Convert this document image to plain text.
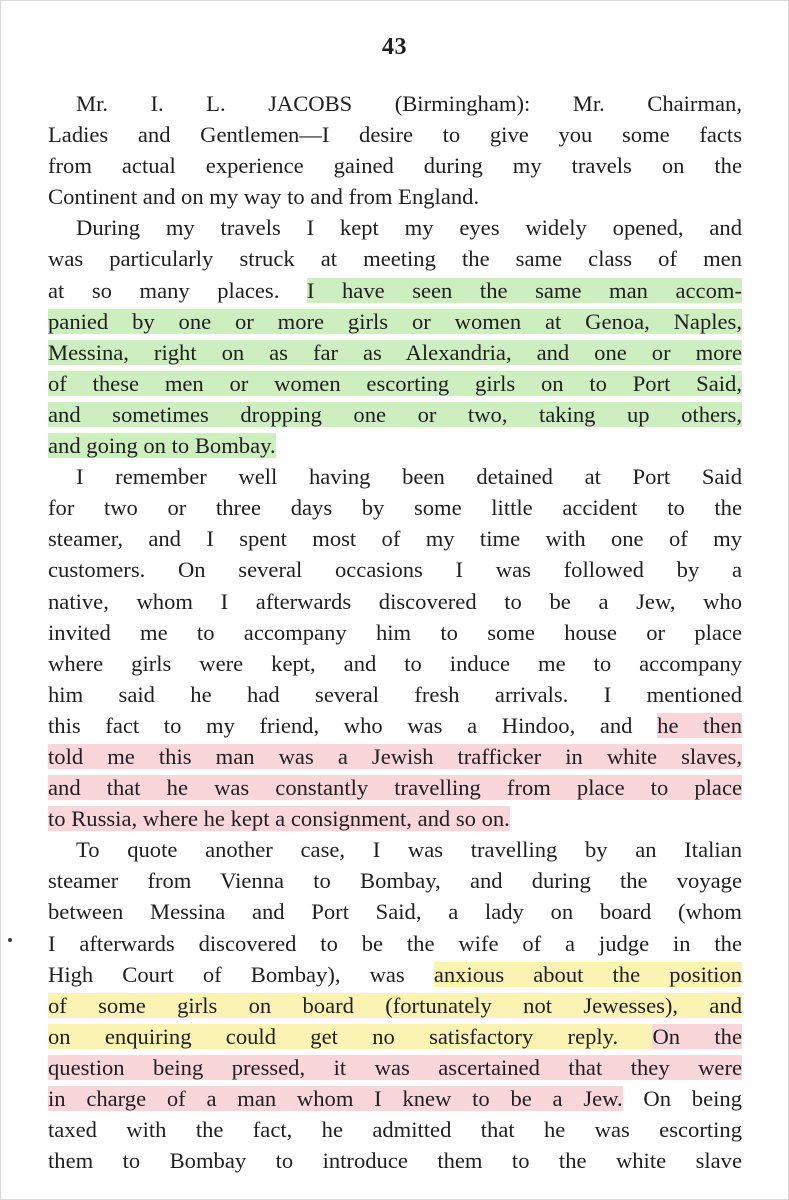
43
Mr. I. L. JACOBS (Birmingham): Mr. Chairman,
Ladies and Gentlemen—I desire to give you some facts
from actual experience gained during my travels on the
Continent and on my way to and from England.
During my travels I kept my eyes widely opened, and
was particularly struck at meeting the same class of men
at so many places. I have seen the same man accom-
panied by one or more girls or women at Genoa, Naples,
Messina, right on as far as Alexandria, and one or more
of these men or women escorting girls on to Port Said,
and sometimes dropping one or two, taking up others,
and going on to Bombay.
I remember well having been detained at Port Said
for two or three days by some little accident to the
steamer, and I spent most of my time with one of my
customers. On several occasions I was followed by a
native, whom I afterwards discovered to be a Jew, who
invited me to accompany him to some house or place
where girls were kept, and to induce me to accompany
him said he had several fresh arrivals. I mentioned
this fact to my friend, who was a Hindoo, and he then
told me this man was a Jewish trafficker in white slaves,
and that he was constantly travelling from place to place
to Russia, where he kept a consignment, and so on.
To quote another case, I was travelling by an Italian
steamer from Vienna to Bombay, and during the voyage
between Messina and Port Said, a lady on board (whom
I afterwards discovered to be the wife of a judge in the
High Court of Bombay), was anxious about the position
of some girls on board (fortunately not Jewesses), and
on enquiring could get no satisfactory reply. On the
question being pressed, it was ascertained that they were
in charge of a man whom I knew to be a Jew. On being
taxed with the fact, he admitted that he was escorting
them to Bombay to introduce them to the white slave
